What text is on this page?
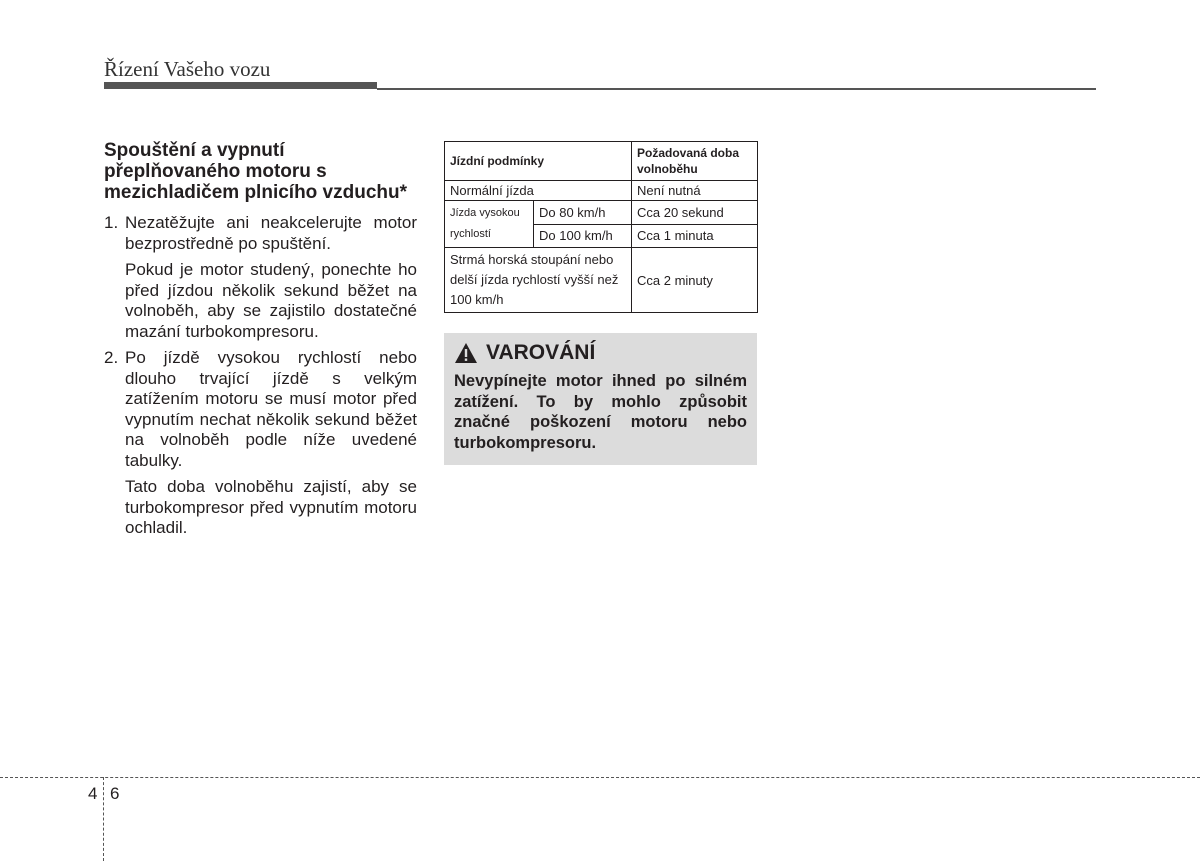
Řízení Vašeho vozu
Spouštění a vypnutí přeplňovaného motoru s mezichladičem plnicího vzduchu*
1. Nezatěžujte ani neakcelerujte motor bezprostředně po spuštění.

Pokud je motor studený, ponechte ho před jízdou několik sekund běžet na volnoběh, aby se zajistilo dostatečné mazání turbokompresoru.

2. Po jízdě vysokou rychlostí nebo dlouho trvající jízdě s velkým zatížením motoru se musí motor před vypnutím nechat několik sekund běžet na volnoběh podle níže uvedené tabulky.

Tato doba volnoběhu zajistí, aby se turbokompresor před vypnutím motoru ochladil.

Jízdní podmínky		Požadovaná doba volnoběhu
Normální jízda		Není nutná
Jízda vysokou rychlostí	Do 80 km/h	Cca 20 sekund
	Do 100 km/h	Cca 1 minuta
Strmá horská stoupání nebo delší jízda rychlostí vyšší než 100 km/h		Cca 2 minuty
VAROVÁNÍ
Nevypínejte motor ihned po silném zatížení. To by mohlo způsobit značné poškození motoru nebo turbokompresoru.
4 6
